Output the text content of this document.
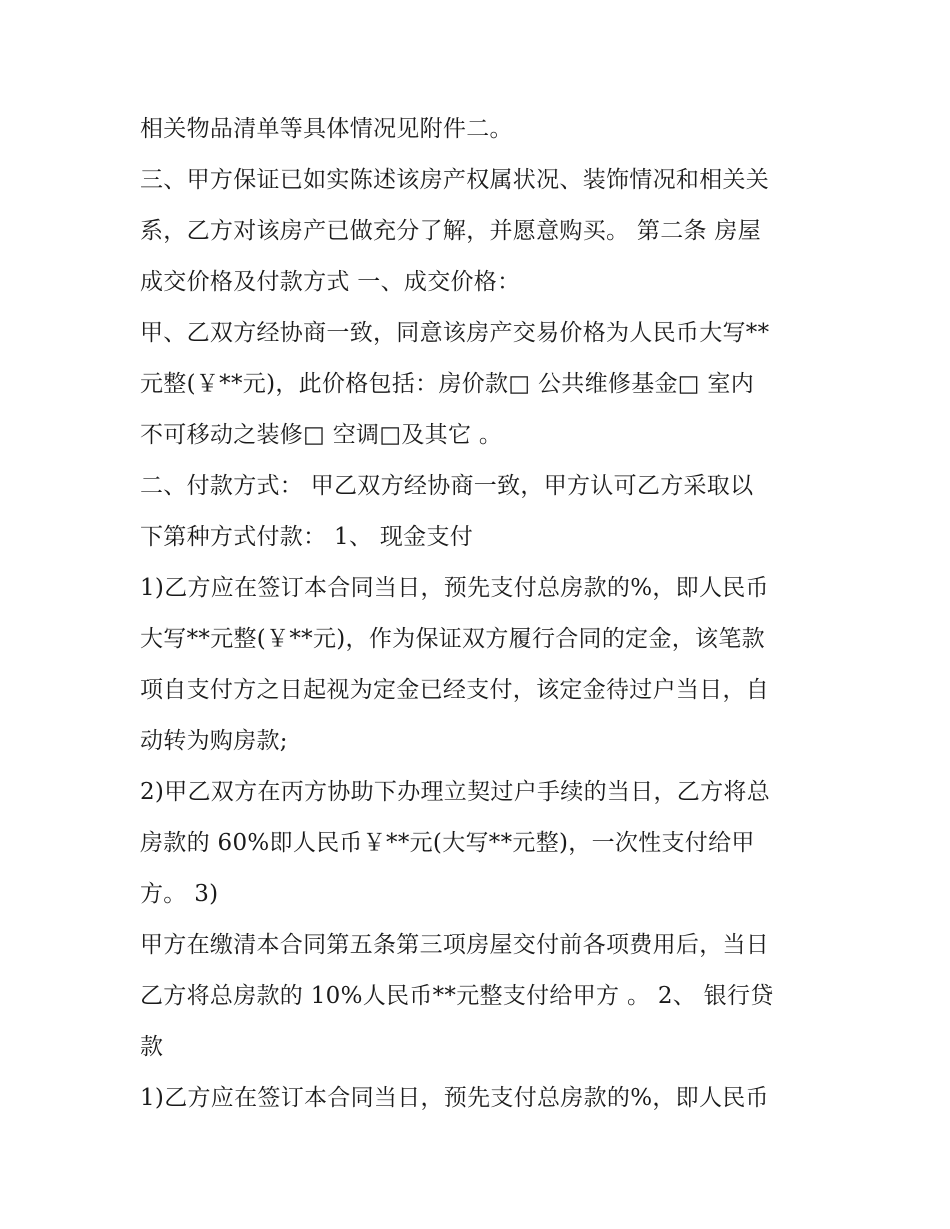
相关物品清单等具体情况见附件二。
三、甲方保证已如实陈述该房产权属状况、装饰情况和相关关
系，乙方对该房产已做充分了解，并愿意购买。 第二条 房屋
成交价格及付款方式 一、成交价格：
甲、乙双方经协商一致，同意该房产交易价格为人民币大写**
元整(￥**元)，此价格包括：房价款□ 公共维修基金□ 室内
不可移动之装修□ 空调□及其它 。
二、付款方式： 甲乙双方经协商一致，甲方认可乙方采取以
下第种方式付款： 1、 现金支付
1)乙方应在签订本合同当日，预先支付总房款的%，即人民币
大写**元整(￥**元)，作为保证双方履行合同的定金，该笔款
项自支付方之日起视为定金已经支付，该定金待过户当日，自
动转为购房款;
2)甲乙双方在丙方协助下办理立契过户手续的当日，乙方将总
房款的 60%即人民币￥**元(大写**元整)，一次性支付给甲
方。 3)
甲方在缴清本合同第五条第三项房屋交付前各项费用后，当日
乙方将总房款的 10%人民币**元整支付给甲方 。 2、 银行贷
款
1)乙方应在签订本合同当日，预先支付总房款的%，即人民币
